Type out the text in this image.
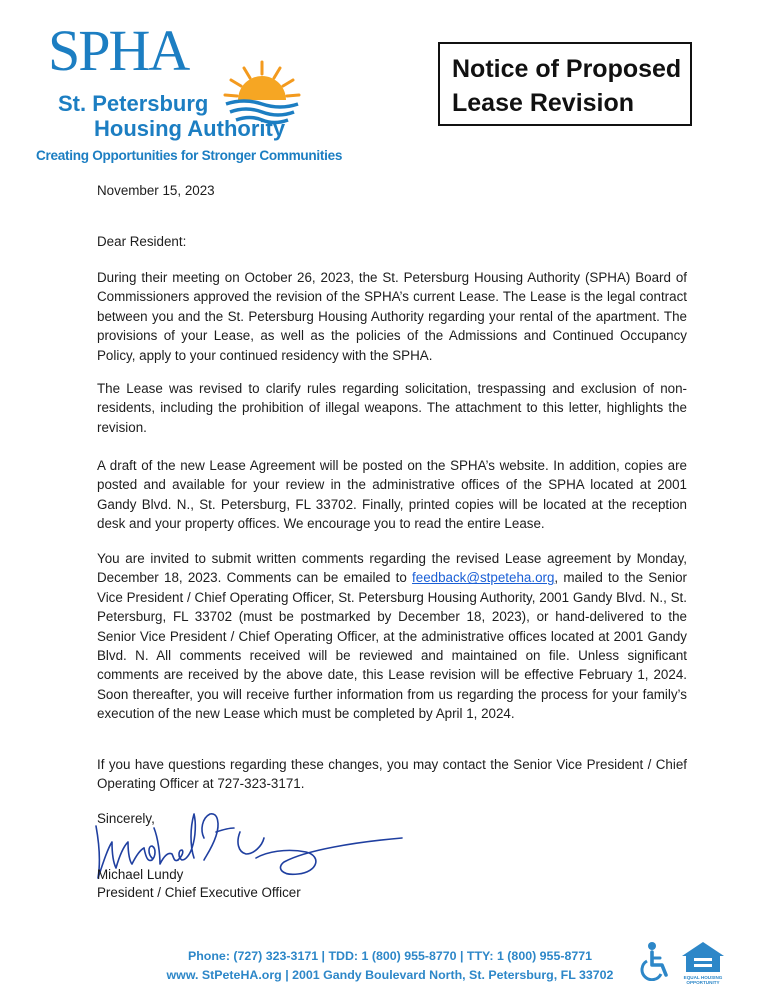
SPHA
St. Petersburg
Housing Authority
Creating Opportunities for Stronger Communities
Notice of Proposed
Lease Revision
November 15, 2023
Dear Resident:
During their meeting on October 26, 2023, the St. Petersburg Housing Authority (SPHA) Board of Commissioners approved the revision of the SPHA’s current Lease. The Lease is the legal contract between you and the St. Petersburg Housing Authority regarding your rental of the apartment. The provisions of your Lease, as well as the policies of the Admissions and Continued Occupancy Policy, apply to your continued residency with the SPHA.
The Lease was revised to clarify rules regarding solicitation, trespassing and exclusion of non-residents, including the prohibition of illegal weapons. The attachment to this letter, highlights the revision.
A draft of the new Lease Agreement will be posted on the SPHA’s website. In addition, copies are posted and available for your review in the administrative offices of the SPHA located at 2001 Gandy Blvd. N., St. Petersburg, FL 33702. Finally, printed copies will be located at the reception desk and your property offices. We encourage you to read the entire Lease.
You are invited to submit written comments regarding the revised Lease agreement by Monday, December 18, 2023. Comments can be emailed to feedback@stpeteha.org, mailed to the Senior Vice President / Chief Operating Officer, St. Petersburg Housing Authority, 2001 Gandy Blvd. N., St. Petersburg, FL 33702 (must be postmarked by December 18, 2023), or hand-delivered to the Senior Vice President / Chief Operating Officer, at the administrative offices located at 2001 Gandy Blvd. N. All comments received will be reviewed and maintained on file. Unless significant comments are received by the above date, this Lease revision will be effective February 1, 2024. Soon thereafter, you will receive further information from us regarding the process for your family’s execution of the new Lease which must be completed by April 1, 2024.
If you have questions regarding these changes, you may contact the Senior Vice President / Chief Operating Officer at 727-323-3171.
Sincerely,
Michael Lundy
President / Chief Executive Officer
Phone: (727) 323-3171 | TDD: 1 (800) 955-8770 | TTY: 1 (800) 955-8771
www. StPeteHA.org | 2001 Gandy Boulevard North, St. Petersburg, FL 33702	EQUAL HOUSING
OPPORTUNITY
